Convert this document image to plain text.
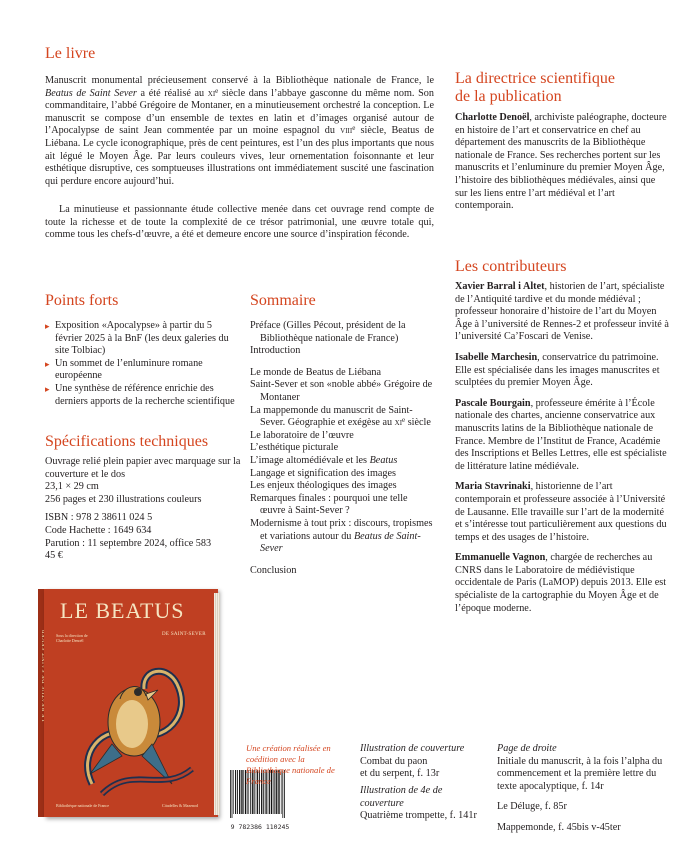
Le livre

Manuscrit monumental précieusement conservé à la Bibliothèque nationale de France, le Beatus de Saint Sever a été réalisé au $xi^e$ siècle dans l’abbaye gasconne du même nom. Son commanditaire, l’abbé Grégoire de Montaner, en a minutieusement orchestré la conception. Le manuscrit se compose d’un ensemble de textes en latin et d’images organisé autour de l’Apocalypse de saint Jean commentée par un moine espagnol du viii$^e$ siècle, Beatus de Liébana. Le cycle iconographique, près de cent peintures, est l’un des plus importants que nous ait légué le Moyen Âge. Par leurs couleurs vives, leur ornementation foisonnante et leur esthétique disruptive, ces somptueuses illustrations ont immédiatement suscité une fascination qui perdure encore aujourd’hui.

La minutieuse et passionnante étude collective menée dans cet ouvrage rend compte de toute la richesse et de toute la complexité de ce trésor patrimonial, une œuvre totale qui, comme tous les chefs-d’œuvre, a été et demeure encore une source d’inspiration féconde.

La directrice scientifique
de la publication

Charlotte Denoël, archiviste paléographe, docteure en histoire de l’art et conservatrice en chef au département des manuscrits de la Bibliothèque nationale de France. Ses recherches portent sur les manuscrits et l’enluminure du premier Moyen Âge, l’histoire des bibliothèques médiévales, ainsi que sur les liens entre l’art médiéval et l’art contemporain.

Points forts
▸ Exposition «Apocalypse» à partir du 5 février 2025 à la BnF (les deux galeries du site Tolbiac)
▸ Un sommet de l’enluminure romane européenne
▸ Une synthèse de référence enrichie des derniers apports de la recherche scientifique
Sommaire
Préface (Gilles Pécout, président de la Bibliothèque nationale de France)
Introduction
Le monde de Beatus de Liébana
Saint-Sever et son «noble abbé» Grégoire de Montaner
La mappemonde du manuscrit de Saint-Sever. Géographie et exégèse au $xi^e$ siècle
Le laboratoire de l’œuvre
L’esthétique picturale
L’image altomédiévale et les Beatus
Langage et signification des images
Les enjeux théologiques des images
Remarques finales : pourquoi une telle œuvre à Saint-Sever ?
Modernisme à tout prix : discours, tropismes et variations autour du Beatus de Saint-Sever
Conclusion
Spécifications techniques
Ouvrage relié plein papier avec marquage sur la couverture et le dos
23,1 × 29 cm
256 pages et 230 illustrations couleurs
ISBN : 978 2 38611 024 5
Code Hachette : 1649 634
Parution : 11 septembre 2024, office 583
45 €
Les contributeurs

Xavier Barral i Altet, historien de l’art, spécialiste de l’Antiquité tardive et du monde médiéval ; professeur honoraire d’histoire de l’art du Moyen Âge à l’université de Rennes-2 et professeur invité à l’université Ca’Foscari de Venise.

Isabelle Marchesin, conservatrice du patrimoine. Elle est spécialisée dans les images manuscrites et sculptées du premier Moyen Âge.

Pascale Bourgain, professeure émérite à l’École nationale des chartes, ancienne conservatrice aux manuscrits latins de la Bibliothèque nationale de France. Membre de l’Institut de France, Académie des Inscriptions et Belles Lettres, elle est spécialiste de littérature latine médiévale.

Maria Stavrinaki, historienne de l’art contemporain et professeure associée à l’Université de Lausanne. Elle travaille sur l’art de la modernité et s’intéresse tout particulièrement aux questions du temps et des usages de l’histoire.

Emmanuelle Vagnon, chargée de recherches au CNRS dans le Laboratoire de médiévistique occidentale de Paris (LaMOP) depuis 2013. Elle est spécialiste de la cartographie du Moyen Âge et de l’époque moderne.

LE BEATUS
DE SAINT-SEVER
Sous la direction de Charlotte Denoël
Bibliothèque nationale de France	Citadelles & Mazenod
9 782386 110245
Une création réalisée en coédition avec la Bibliothèque nationale de France
Illustration de couverture
Combat du paon
et du serpent, f. 13r
Illustration de 4e de couverture
Quatrième trompette, f. 141r
Page de droite
Initiale du manuscrit, à la fois l’alpha du commencement et la première lettre du texte apocalyptique, f. 14r
Le Déluge, f. 85r
Mappemonde, f. 45bis v-45ter
